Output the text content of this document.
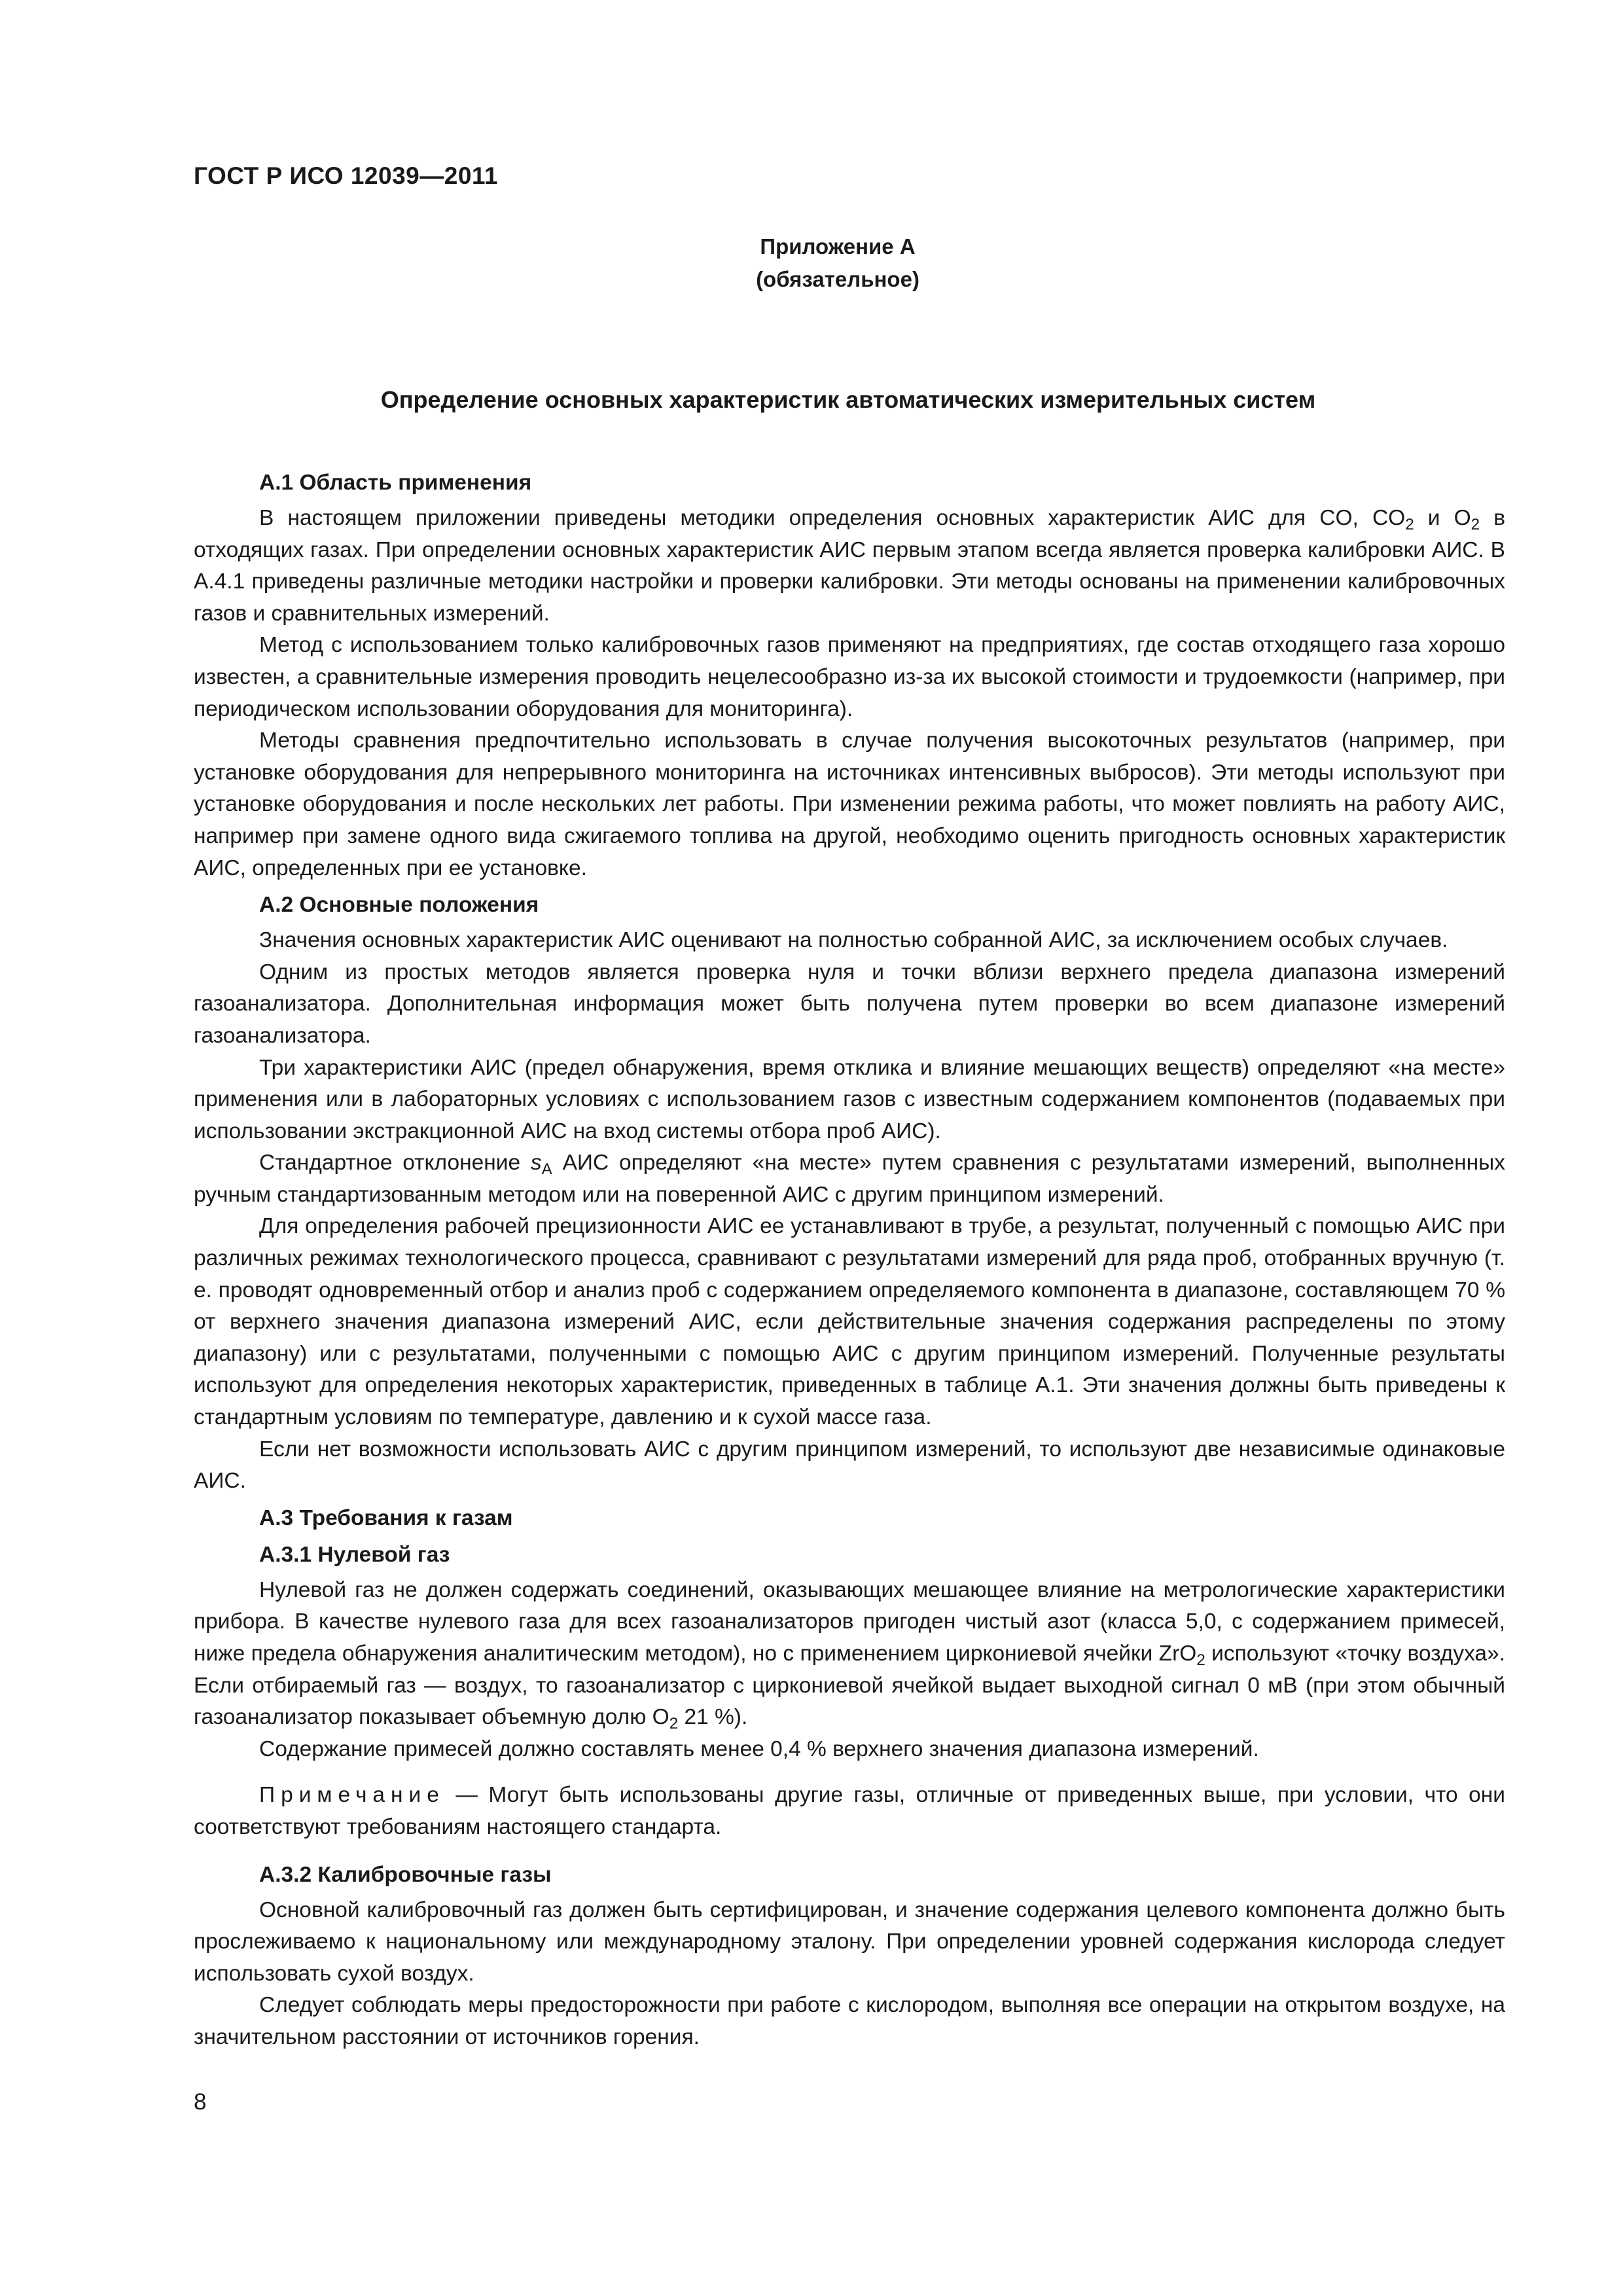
ГОСТ Р ИСО 12039—2011
Приложение А
(обязательное)
Определение основных характеристик автоматических измерительных систем
А.1 Область применения

В настоящем приложении приведены методики определения основных характеристик АИС для CO, $CO_2$ и $O_2$ в отходящих газах. При определении основных характеристик АИС первым этапом всегда является проверка калибровки АИС. В А.4.1 приведены различные методики настройки и проверки калибровки. Эти методы основаны на применении калибровочных газов и сравнительных измерений.

Метод с использованием только калибровочных газов применяют на предприятиях, где состав отходящего газа хорошо известен, а сравнительные измерения проводить нецелесообразно из-за их высокой стоимости и трудоемкости (например, при периодическом использовании оборудования для мониторинга).

Методы сравнения предпочтительно использовать в случае получения высокоточных результатов (например, при установке оборудования для непрерывного мониторинга на источниках интенсивных выбросов). Эти методы используют при установке оборудования и после нескольких лет работы. При изменении режима работы, что может повлиять на работу АИС, например при замене одного вида сжигаемого топлива на другой, необходимо оценить пригодность основных характеристик АИС, определенных при ее установке.

А.2 Основные положения

Значения основных характеристик АИС оценивают на полностью собранной АИС, за исключением особых случаев.

Одним из простых методов является проверка нуля и точки вблизи верхнего предела диапазона измерений газоанализатора. Дополнительная информация может быть получена путем проверки во всем диапазоне измерений газоанализатора.

Три характеристики АИС (предел обнаружения, время отклика и влияние мешающих веществ) определяют «на месте» применения или в лабораторных условиях с использованием газов с известным содержанием компонентов (подаваемых при использовании экстракционной АИС на вход системы отбора проб АИС).

Стандартное отклонение $s_A$ АИС определяют «на месте» путем сравнения с результатами измерений, выполненных ручным стандартизованным методом или на поверенной АИС с другим принципом измерений.

Для определения рабочей прецизионности АИС ее устанавливают в трубе, а результат, полученный с помощью АИС при различных режимах технологического процесса, сравнивают с результатами измерений для ряда проб, отобранных вручную (т. е. проводят одновременный отбор и анализ проб с содержанием определяемого компонента в диапазоне, составляющем 70 % от верхнего значения диапазона измерений АИС, если действительные значения содержания распределены по этому диапазону) или с результатами, полученными с помощью АИС с другим принципом измерений. Полученные результаты используют для определения некоторых характеристик, приведенных в таблице А.1. Эти значения должны быть приведены к стандартным условиям по температуре, давлению и к сухой массе газа.

Если нет возможности использовать АИС с другим принципом измерений, то используют две независимые одинаковые АИС.

А.3 Требования к газам
А.3.1 Нулевой газ

Нулевой газ не должен содержать соединений, оказывающих мешающее влияние на метрологические характеристики прибора. В качестве нулевого газа для всех газоанализаторов пригоден чистый азот (класса 5,0, с содержанием примесей, ниже предела обнаружения аналитическим методом), но с применением циркониевой ячейки ZrO$_2$ используют «точку воздуха». Если отбираемый газ — воздух, то газоанализатор с циркониевой ячейкой выдает выходной сигнал 0 мВ (при этом обычный газоанализатор показывает объемную долю $O_2$ 21 %).

Содержание примесей должно составлять менее 0,4 % верхнего значения диапазона измерений.

Примечание — Могут быть использованы другие газы, отличные от приведенных выше, при условии, что они соответствуют требованиям настоящего стандарта.

А.3.2 Калибровочные газы

Основной калибровочный газ должен быть сертифицирован, и значение содержания целевого компонента должно быть прослеживаемо к национальному или международному эталону. При определении уровней содержания кислорода следует использовать сухой воздух.

Следует соблюдать меры предосторожности при работе с кислородом, выполняя все операции на открытом воздухе, на значительном расстоянии от источников горения.

8
